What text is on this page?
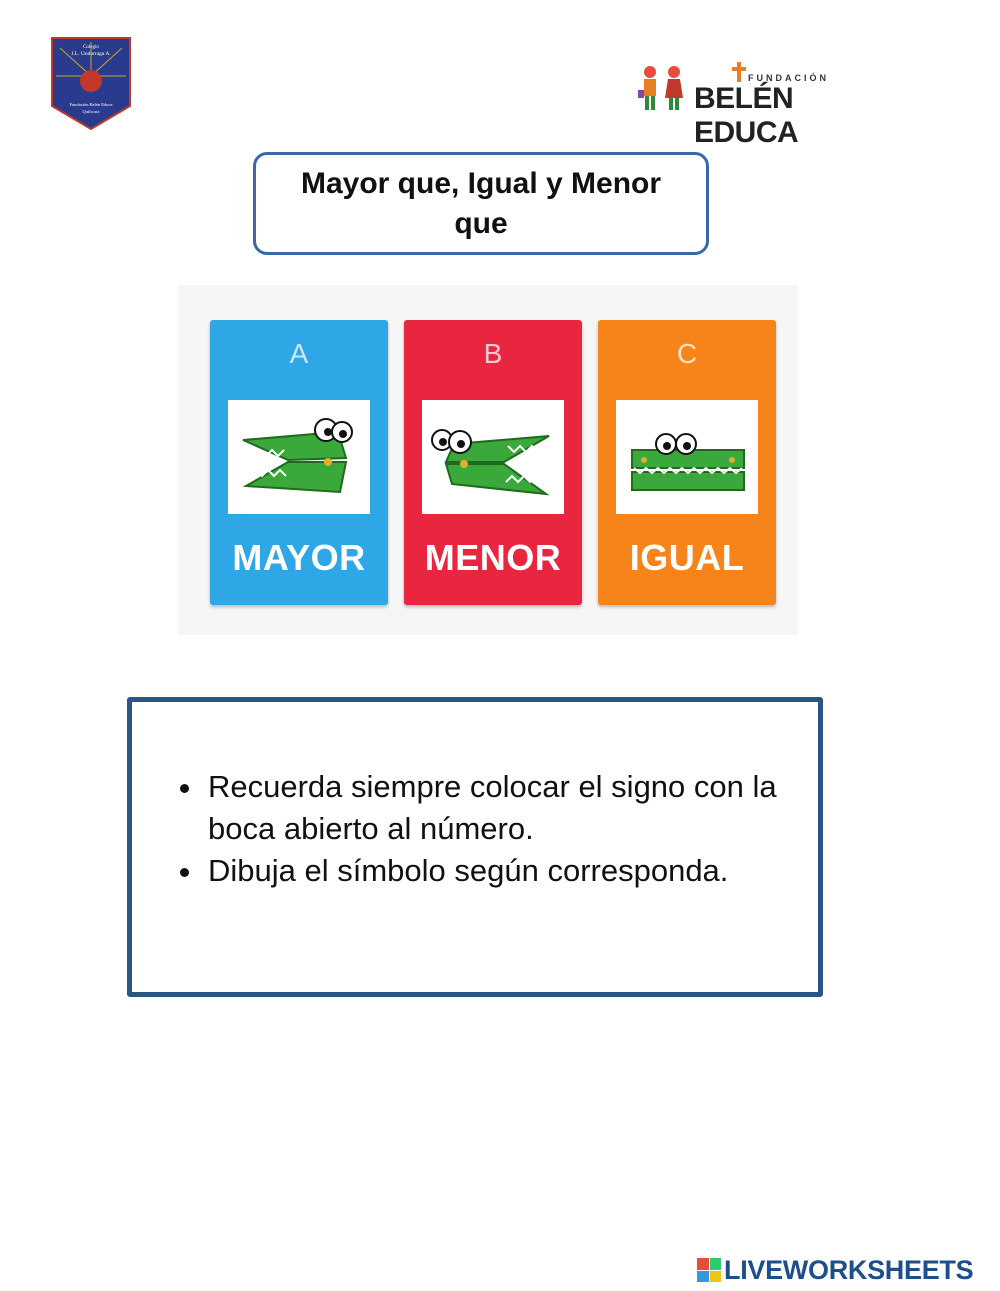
Colegio
J.L. Undurraga A.
Fundación Belén Educa
Quilicura
FUNDACIÓN
BELÉN EDUCA
Mayor que, Igual y Menor que
A
MAYOR
B
MENOR
C
IGUAL
Recuerda siempre colocar el signo con la boca abierto al número.
Dibuja el símbolo según corresponda.
LIVEWORKSHEETS
